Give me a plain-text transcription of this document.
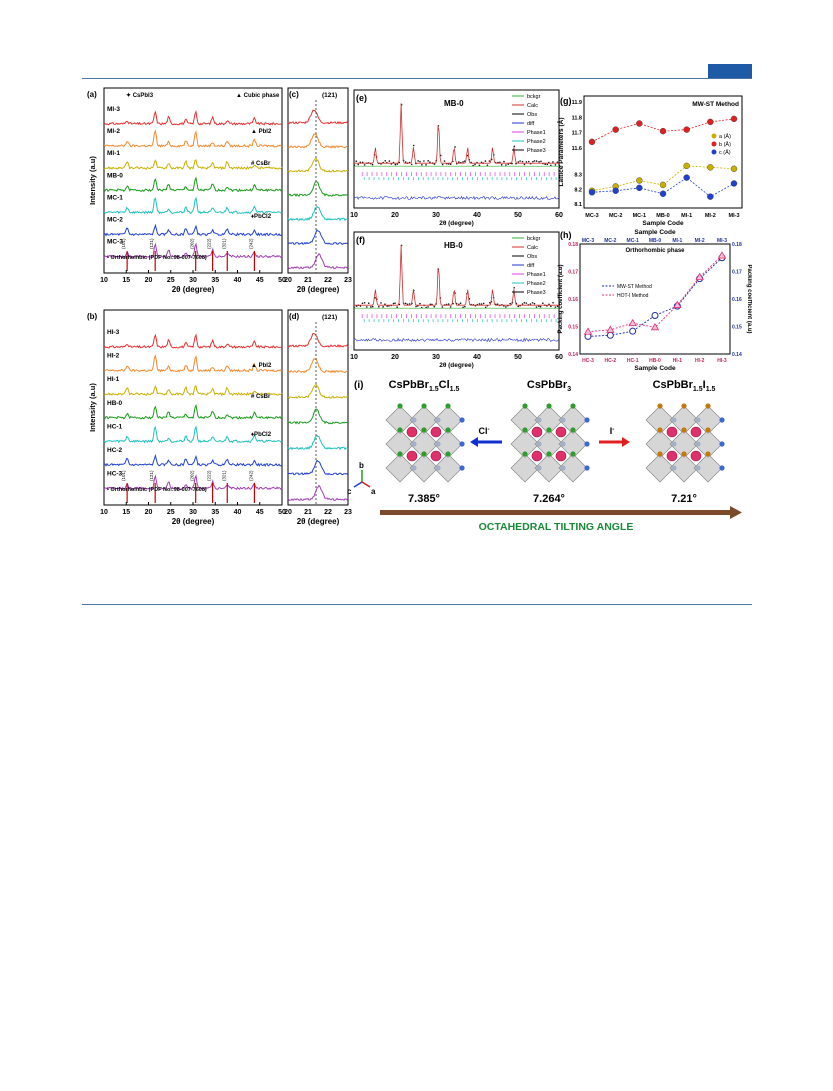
(a)
MI-3
MI-2
MI-1
MB-0
MC-1
MC-2
MC-3
(101)	(121)	(202)	(222) (321)	(242)
• Orthorhombic (PDF No.:98-007-7608)
10 15 20 25 30 35 40 45 50
2θ (degree)
Intensity (a.u)
✦ CsPbI3	▲ Cubic phase
▲ PbI2
# CsBr
♦PbCl2
(b)
HI-3
HI-2
HI-1
HB-0
HC-1
HC-2
HC-3
(101)	(121)	(202)	(222) (321)	(242)
• Orthorhombic (PDF No.:98-007-7608)
10 15 20 25 30 35 40 45 50
2θ (degree)
Intensity (a.u)
▲ PbI2
# CsBr
♦PbCl2
(c)	(121)
20 21 22 23
2θ (degree)
(d)	(121)
20 21 22 23
2θ (degree)
(e)
MB-0
bckgr
Calc
Obs
diff
Phase1
Phase2
Phase3
10	20	30	40	50	60
2θ (degree)
(f)
HB-0
bckgr
Calc
Obs
diff
Phase1
Phase2
Phase3
10	20	30	40	50	60
2θ (degree)
(g)	MW-ST Method
8.1
8.2
8.3
11.6
11.7
11.8
11.9
a (Å)
b (Å)
c (Å)
MC-3 MC-2 MC-1 MB-0 MI-1 MI-2 MI-3
Sample Code
Lattice Parameters (Å)
(h)
Orthorhombic phase
0.14	0.14
0.15	0.15
0.16	0.16
0.17	0.17
0.18	0.18
MW-ST Method
HOT-I Method
MC-3 MC-2 MC-1 MB-0 MI-1 MI-2 MI-3
HC-3 HC-2 HC-1 HB-0 HI-1	HI-2	HI-3
Sample Code
Sample Code
Packing coefficient (a.u)
Packing coefficient (a.u)
(i) $CsPbBr_{1.5}Cl_{1.5}$
7.385°
CsPbBr$_3$
7.264°
$CsPbBr_{1.5}I_{1.5}$
7.21°
Cl-	I-
b
c a
OCTAHEDRAL TILTING ANGLE
